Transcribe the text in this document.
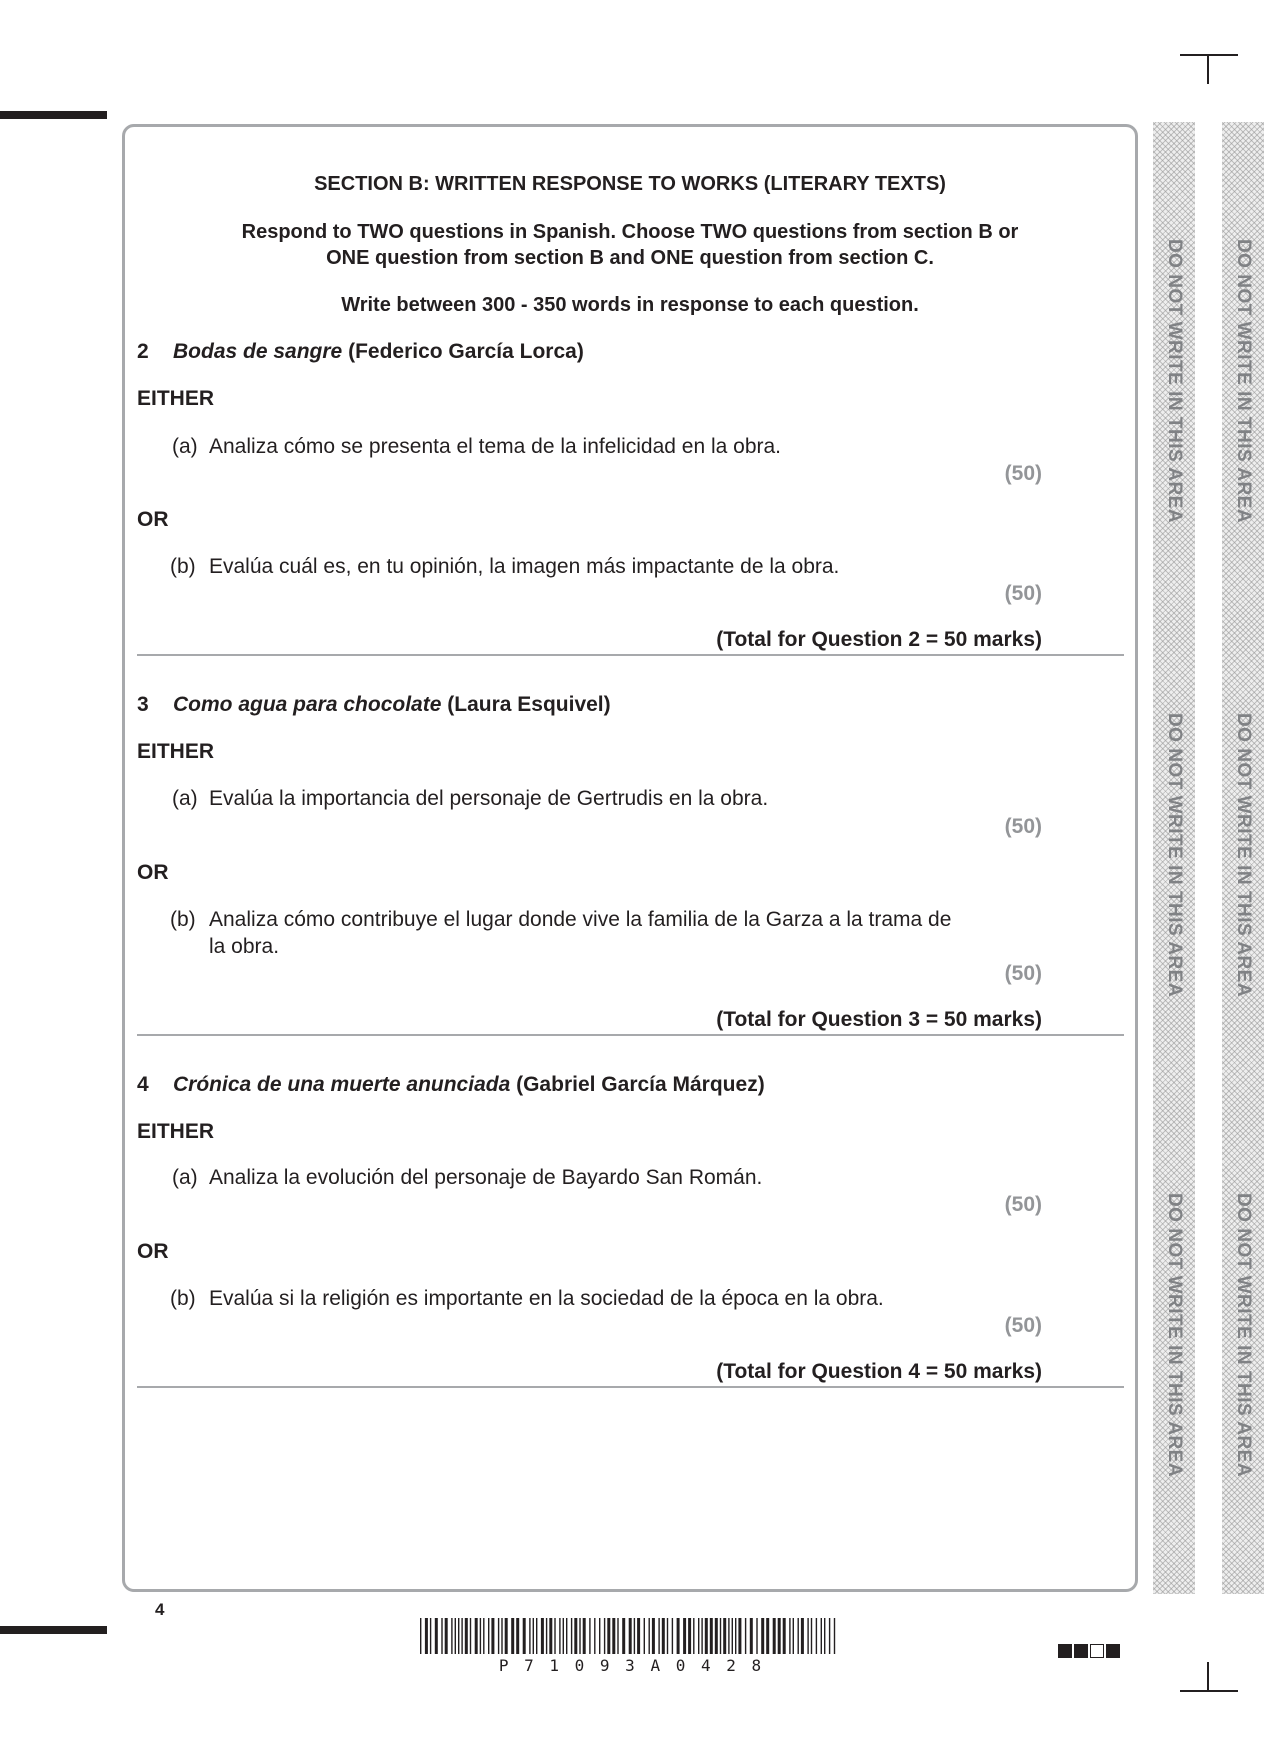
DO NOT WRITE IN THIS AREA
DO NOT WRITE IN THIS AREA
DO NOT WRITE IN THIS AREA
DO NOT WRITE IN THIS AREA
DO NOT WRITE IN THIS AREA
DO NOT WRITE IN THIS AREA
SECTION B: WRITTEN RESPONSE TO WORKS (LITERARY TEXTS)
Respond to TWO questions in Spanish. Choose TWO questions from section B or
ONE question from section B and ONE question from section C.
Write between 300 - 350 words in response to each question.
2 Bodas de sangre (Federico García Lorca)
EITHER
(a) Analiza cómo se presenta el tema de la infelicidad en la obra.
(50)
OR
(b) Evalúa cuál es, en tu opinión, la imagen más impactante de la obra.
(50)
(Total for Question 2 = 50 marks)
3 Como agua para chocolate (Laura Esquivel)
EITHER
(a) Evalúa la importancia del personaje de Gertrudis en la obra.
(50)
OR
(b) Analiza cómo contribuye el lugar donde vive la familia de la Garza a la trama de
la obra.
(50)
(Total for Question 3 = 50 marks)
4 Crónica de una muerte anunciada (Gabriel García Márquez)
EITHER
(a) Analiza la evolución del personaje de Bayardo San Román.
(50)
OR
(b) Evalúa si la religión es importante en la sociedad de la época en la obra.
(50)
(Total for Question 4 = 50 marks)
4
P 7 1 0 9 3 A 0 4 2 8
